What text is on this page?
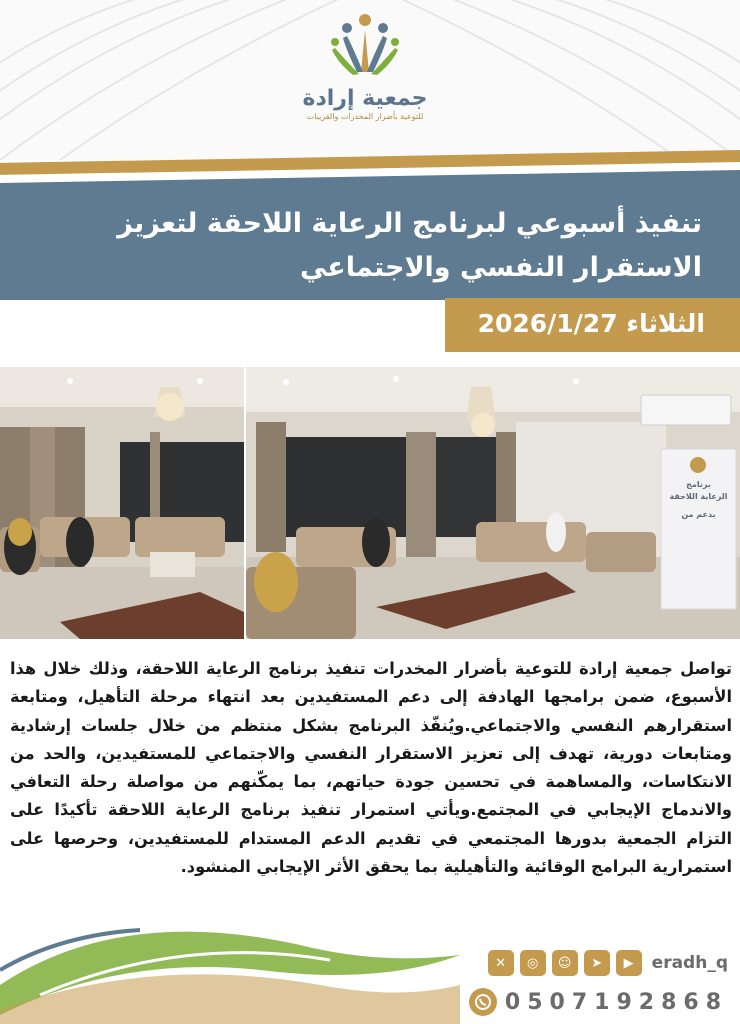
جمعية إرادة
للتوعية بأضرار المخدرات والقريبات
تنفيذ أسبوعي لبرنامج الرعاية اللاحقة لتعزيز الاستقرار النفسي والاجتماعي
الثلاثاء 2026/1/27
برنامج
الرعاية اللاحقة
بدعم من

تواصل جمعية إرادة للتوعية بأضرار المخدرات تنفيذ برنامج الرعاية اللاحقة، وذلك خلال هذا الأسبوع، ضمن برامجها الهادفة إلى دعم المستفيدين بعد انتهاء مرحلة التأهيل، ومتابعة استقرارهم النفسي والاجتماعي.ويُنفّذ البرنامج بشكل منتظم من خلال جلسات إرشادية ومتابعات دورية، تهدف إلى تعزيز الاستقرار النفسي والاجتماعي للمستفيدين، والحد من الانتكاسات، والمساهمة في تحسين جودة حياتهم، بما يمكّنهم من مواصلة رحلة التعافي والاندماج الإيجابي في المجتمع.ويأتي استمرار تنفيذ برنامج الرعاية اللاحقة تأكيدًا على التزام الجمعية بدورها المجتمعي في تقديم الدعم المستدام للمستفيدين، وحرصها على استمرارية البرامج الوقائية والتأهيلية بما يحقق الأثر الإيجابي المنشود.

eradh_q
▶
➤
☺
◎
✕
0507192868
